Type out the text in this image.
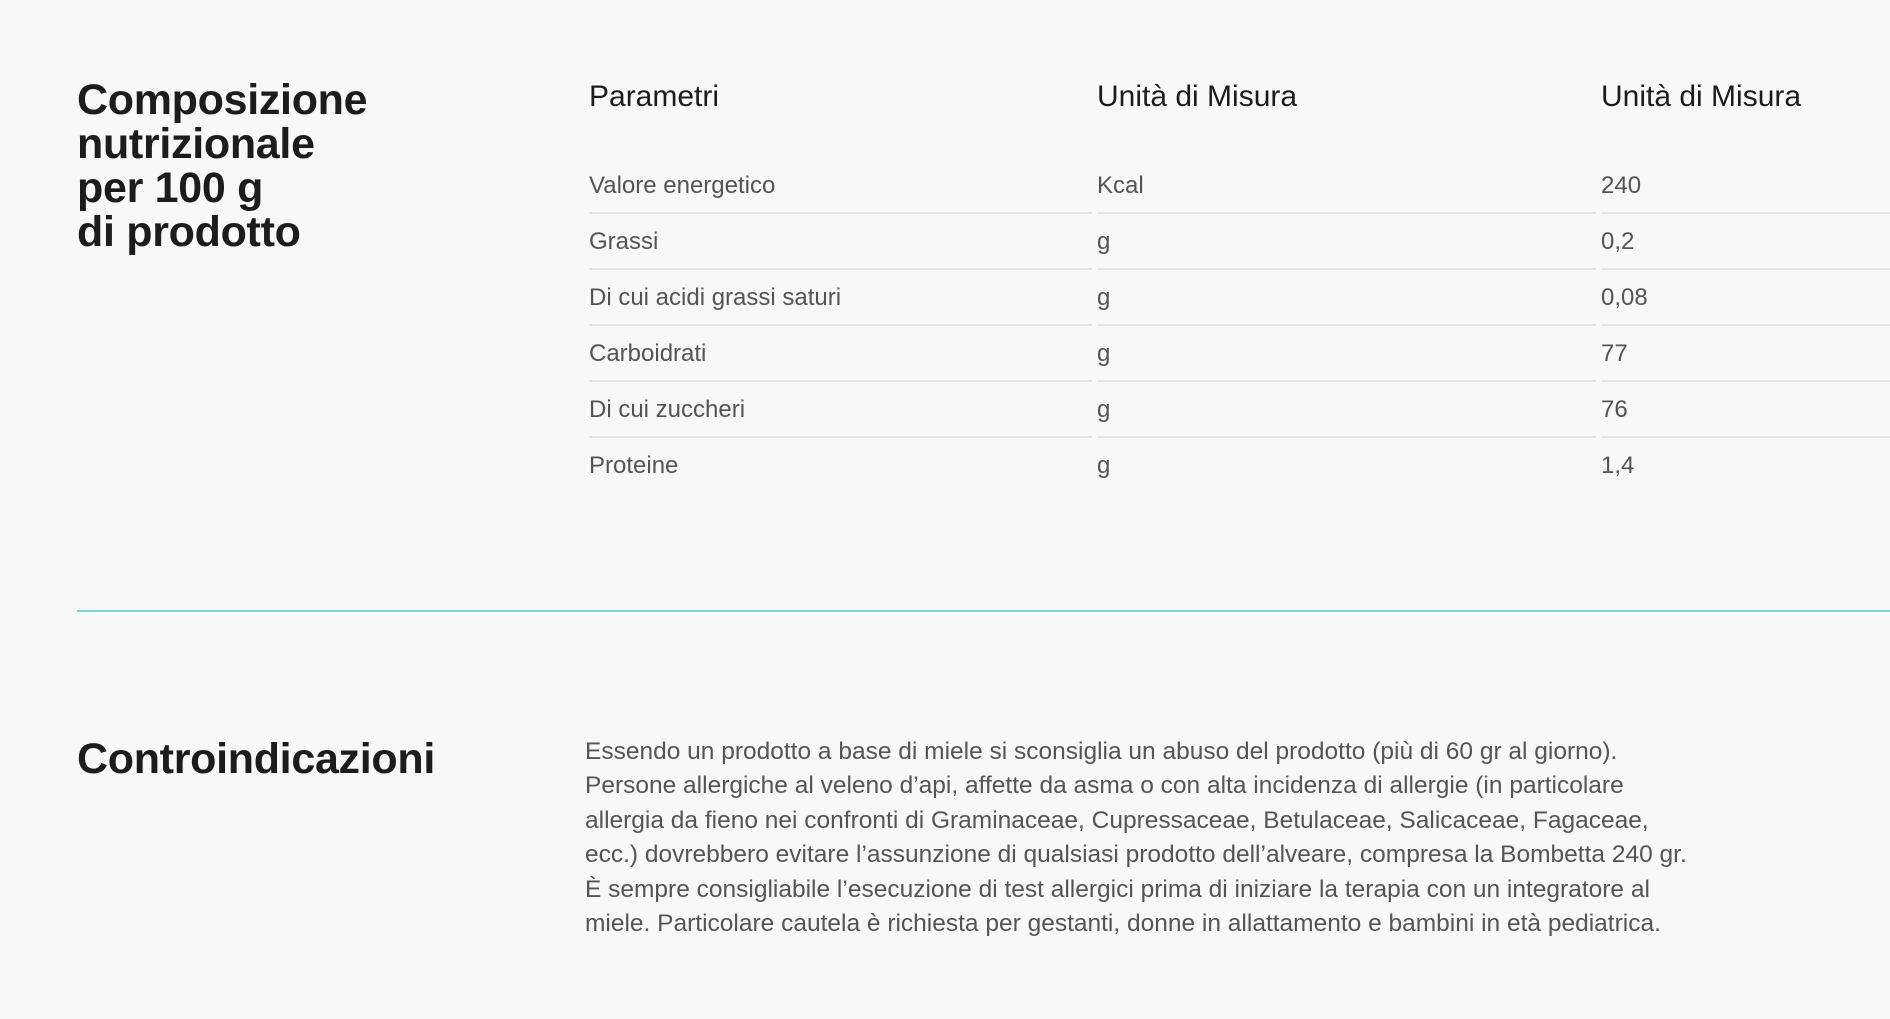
Composizione
nutrizionale
per 100 g
di prodotto
Parametri	Unità di Misura	Unità di Misura
Valore energetico	Kcal	240
Grassi	g	0,2
Di cui acidi grassi saturi	g	0,08
Carboidrati	g	77
Di cui zuccheri	g	76
Proteine	g	1,4
Controindicazioni	Essendo un prodotto a base di miele si sconsiglia un abuso del prodotto (più di 60 gr al giorno).
Persone allergiche al veleno d’api, affette da asma o con alta incidenza di allergie (in particolare
allergia da fieno nei confronti di Graminaceae, Cupressaceae, Betulaceae, Salicaceae, Fagaceae,
ecc.) dovrebbero evitare l’assunzione di qualsiasi prodotto dell’alveare, compresa la Bombetta 240 gr.
È sempre consigliabile l’esecuzione di test allergici prima di iniziare la terapia con un integratore al
miele. Particolare cautela è richiesta per gestanti, donne in allattamento e bambini in età pediatrica.
